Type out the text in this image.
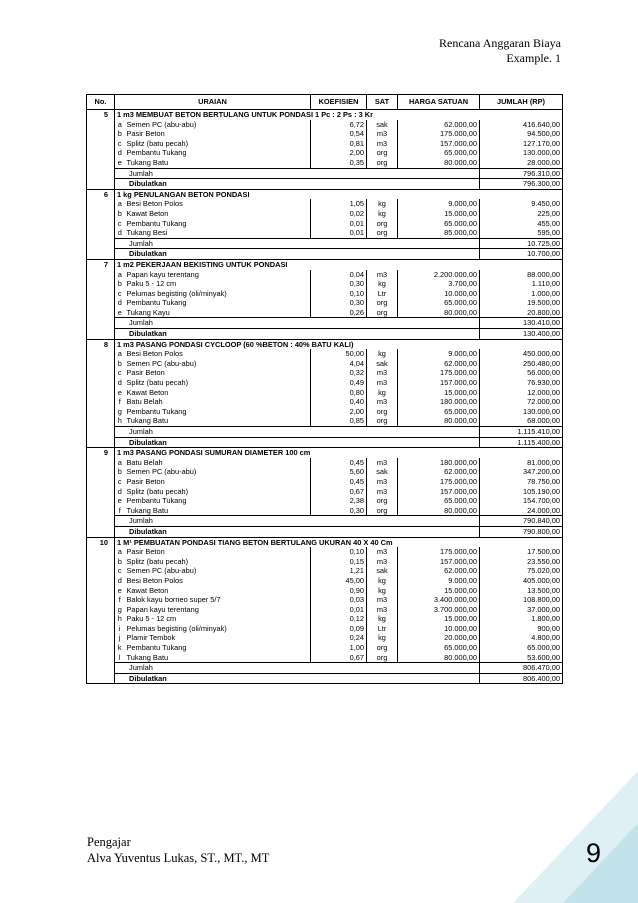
Rencana Anggaran Biaya
Example. 1
No.	URAIAN		KOEFISIEN	SAT	HARGA SATUAN	JUMLAH (RP)
5	1 m3 MEMBUAT BETON BERTULANG UNTUK PONDASI 1 Pc : 2 Ps : 3 Kr					
	a	Semen PC (abu-abu)	6,72	sak	62.000,00	416.640,00
	b	Pasir Beton	0,54	m3	175.000,00	94.500,00
	c	Splitz (batu pecah)	0,81	m3	157.000,00	127.170,00
	d	Pembantu Tukang	2,00	org	65.000,00	130.000,00
	e	Tukang Batu	0,35	org	80.000,00	28.000,00
	Jumlah					796.310,00
	Dibulatkan					796.300,00
6	1 kg PENULANGAN BETON PONDASI					
	a	Besi Beton Polos	1,05	kg	9.000,00	9.450,00
	b	Kawat Beton	0,02	kg	15.000,00	225,00
	c	Pembantu Tukang	0,01	org	65.000,00	455,00
	d	Tukang Besi	0,01	org	85.000,00	595,00
	Jumlah					10.725,00
	Dibulatkan					10.700,00
7	1 m2 PEKERJAAN BEKISTING UNTUK PONDASI					
	a	Papan kayu terentang	0,04	m3	2.200.000,00	88.000,00
	b	Paku 5 - 12 cm	0,30	kg	3.700,00	1.110,00
	c	Pelumas begisting (oli/minyak)	0,10	Ltr	10.000,00	1.000,00
	d	Pembantu Tukang	0,30	org	65.000,00	19.500,00
	e	Tukang Kayu	0,26	org	80.000,00	20.800,00
	Jumlah					130.410,00
	Dibulatkan					130.400,00
8	1 m3 PASANG PONDASI CYCLOOP (60 %BETON : 40% BATU KALI)					
	a	Besi Beton Polos	50,00	kg	9.000,00	450.000,00
	b	Semen PC (abu-abu)	4,04	sak	62.000,00	250.480,00
	c	Pasir Beton	0,32	m3	175.000,00	56.000,00
	d	Splitz (batu pecah)	0,49	m3	157.000,00	76.930,00
	e	Kawat Beton	0,80	kg	15.000,00	12.000,00
	f	Batu Belah	0,40	m3	180.000,00	72.000,00
	g	Pembantu Tukang	2,00	org	65.000,00	130.000,00
	h	Tukang Batu	0,85	org	80.000,00	68.000,00
	Jumlah					1.115.410,00
	Dibulatkan					1.115.400,00
9	1 m3 PASANG PONDASI SUMURAN DIAMETER 100 cm					
	a	Batu Belah	0,45	m3	180.000,00	81.000,00
	b	Semen PC (abu-abu)	5,60	sak	62.000,00	347.200,00
	c	Pasir Beton	0,45	m3	175.000,00	78.750,00
	d	Splitz (batu pecah)	0,67	m3	157.000,00	105.190,00
	e	Pembantu Tukang	2,38	org	65.000,00	154.700,00
	f	Tukang Batu	0,30	org	80.000,00	24.000,00
	Jumlah					790.840,00
	Dibulatkan					790.800,00
10	1 M¹ PEMBUATAN PONDASI TIANG BETON BERTULANG UKURAN 40 X 40 Cm					
	a	Pasir Beton	0,10	m3	175.000,00	17.500,00
	b	Splitz (batu pecah)	0,15	m3	157.000,00	23.550,00
	c	Semen PC (abu-abu)	1,21	sak	62.000,00	75.020,00
	d	Besi Beton Polos	45,00	kg	9.000,00	405.000,00
	e	Kawat Beton	0,90	kg	15.000,00	13.500,00
	f	Balok kayu borneo super 5/7	0,03	m3	3.400.000,00	108.800,00
	g	Papan kayu terentang	0,01	m3	3.700.000,00	37.000,00
	h	Paku 5 - 12 cm	0,12	kg	15.000,00	1.800,00
	i	Pelumas begisting (oli/minyak)	0,09	Ltr	10.000,00	900,00
	j	Plamir Tembok	0,24	kg	20.000,00	4.800,00
	k	Pembantu Tukang	1,00	org	65.000,00	65.000,00
	l	Tukang Batu	0,67	org	80.000,00	53.600,00
	Jumlah					806.470,00
	Dibulatkan					806.400,00
Pengajar
Alva Yuventus Lukas, ST., MT., MT	9
